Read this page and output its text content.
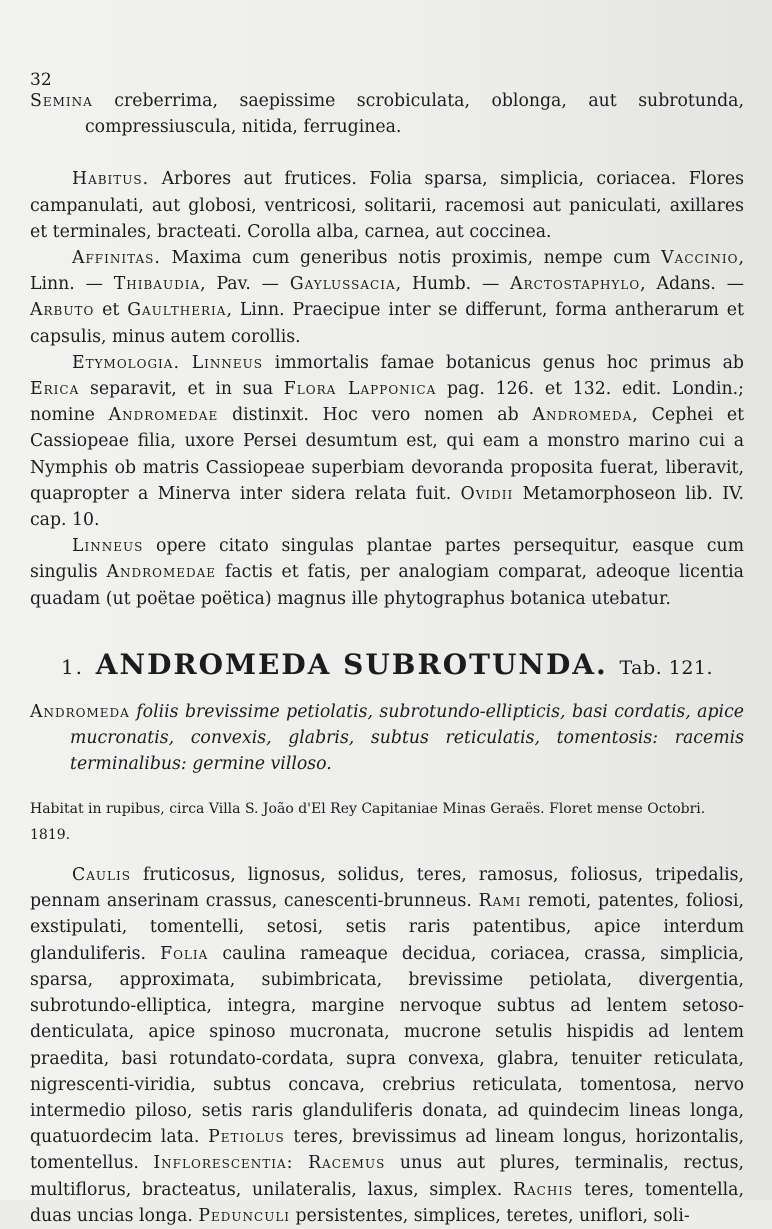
32

Semina creberrima, saepissime scrobiculata, oblonga, aut subrotunda, compressiuscula, nitida, ferruginea.

Habitus. Arbores aut frutices. Folia sparsa, simplicia, coriacea. Flores campanulati, aut globosi, ventricosi, solitarii, racemosi aut paniculati, axillares et terminales, bracteati. Corolla alba, carnea, aut coccinea.

Affinitas. Maxima cum generibus notis proximis, nempe cum Vaccinio, Linn. — Thibaudia, Pav. — Gaylussacia, Humb. — Arctostaphylo, Adans. — Arbuto et Gaultheria, Linn. Praecipue inter se differunt, forma antherarum et capsulis, minus autem corollis.

Etymologia. Linneus immortalis famae botanicus genus hoc primus ab Erica separavit, et in sua Flora Lapponica pag. 126. et 132. edit. Londin.; nomine Andromedae distinxit. Hoc vero nomen ab Andromeda, Cephei et Cassiopeae filia, uxore Persei desumtum est, qui eam a monstro marino cui a Nymphis ob matris Cassiopeae superbiam devoranda proposita fuerat, liberavit, quapropter a Minerva inter sidera relata fuit. Ovidii Metamorphoseon lib. IV. cap. 10.

Linneus opere citato singulas plantae partes persequitur, easque cum singulis Andromedae factis et fatis, per analogiam comparat, adeoque licentia quadam (ut poëtae poëtica) magnus ille phytographus botanica utebatur.

1. ANDROMEDA SUBROTUNDA. Tab. 121.

Andromeda foliis brevissime petiolatis, subrotundo-ellipticis, basi cordatis, apice mucronatis, convexis, glabris, subtus reticulatis, tomentosis: racemis terminalibus: germine villoso.

Habitat in rupibus, circa Villa S. João d'El Rey Capitaniae Minas Geraës. Floret mense Octobri. 1819.

Caulis fruticosus, lignosus, solidus, teres, ramosus, foliosus, tripedalis, pennam anserinam crassus, canescenti-brunneus. Rami remoti, patentes, foliosi, exstipulati, tomentelli, setosi, setis raris patentibus, apice interdum glanduliferis. Folia caulina rameaque decidua, coriacea, crassa, simplicia, sparsa, approximata, subimbricata, brevissime petiolata, divergentia, subrotundo-elliptica, integra, margine nervoque subtus ad lentem setoso-denticulata, apice spinoso mucronata, mucrone setulis hispidis ad lentem praedita, basi rotundato-cordata, supra convexa, glabra, tenuiter reticulata, nigrescenti-viridia, subtus concava, crebrius reticulata, tomentosa, nervo intermedio piloso, setis raris glanduliferis donata, ad quindecim lineas longa, quatuordecim lata. Petiolus teres, brevissimus ad lineam longus, horizontalis, tomentellus. Inflorescentia: Racemus unus aut plures, terminalis, rectus, multiflorus, bracteatus, unilateralis, laxus, simplex. Rachis teres, tomentella, duas uncias longa. Pedunculi persistentes, simplices, teretes, uniflori, soli-
